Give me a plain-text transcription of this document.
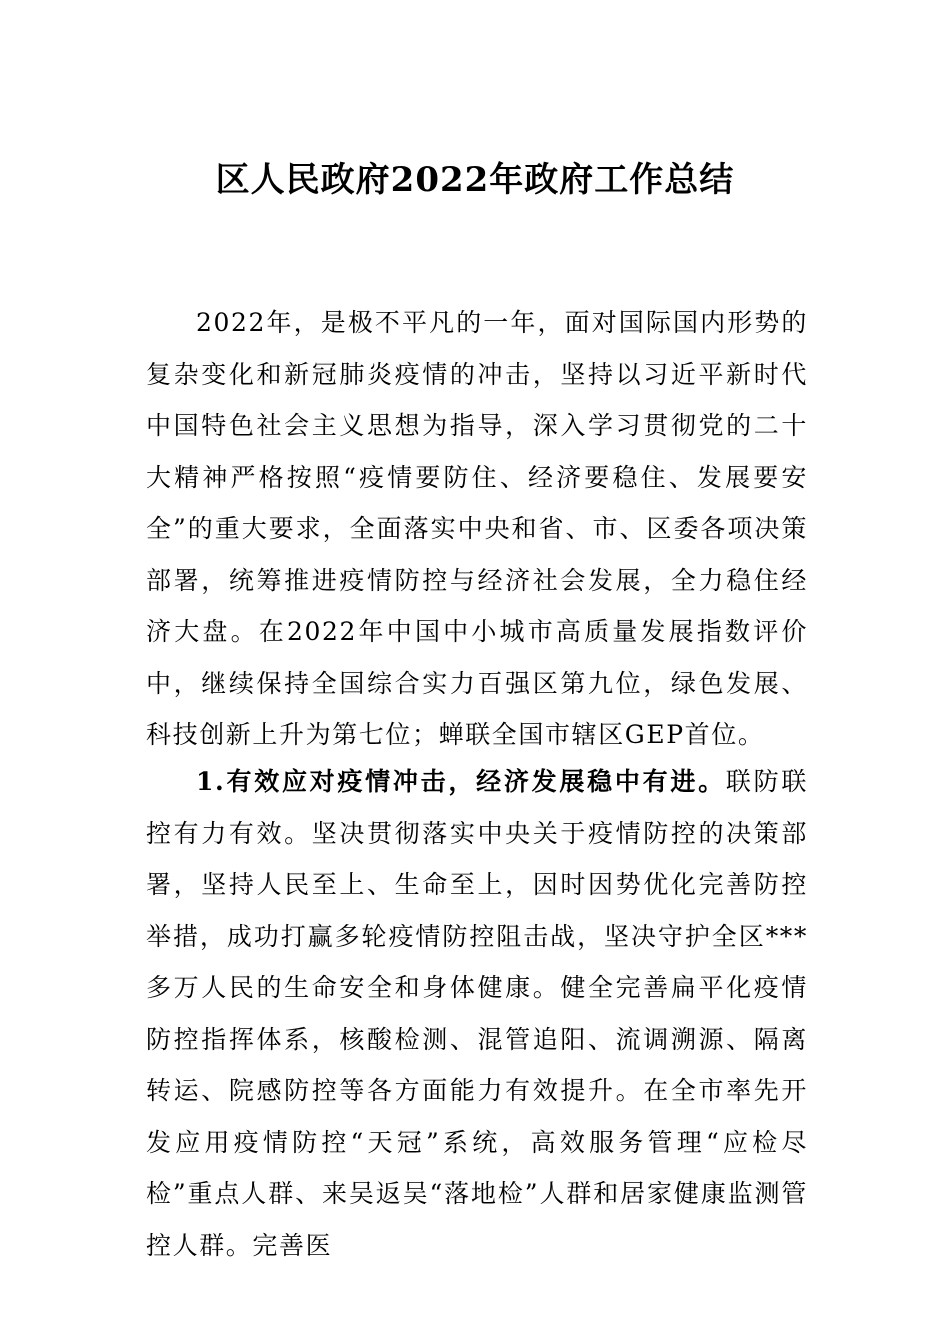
区人民政府2022年政府工作总结

2022年，是极不平凡的一年，面对国际国内形势的复杂变化和新冠肺炎疫情的冲击，坚持以习近平新时代中国特色社会主义思想为指导，深入学习贯彻党的二十大精神严格按照“疫情要防住、经济要稳住、发展要安全”的重大要求，全面落实中央和省、市、区委各项决策部署，统筹推进疫情防控与经济社会发展，全力稳住经济大盘。在2022年中国中小城市高质量发展指数评价中，继续保持全国综合实力百强区第九位，绿色发展、科技创新上升为第七位；蝉联全国市辖区GEP首位。

1.有效应对疫情冲击，经济发展稳中有进。联防联控有力有效。坚决贯彻落实中央关于疫情防控的决策部署，坚持人民至上、生命至上，因时因势优化完善防控举措，成功打赢多轮疫情防控阻击战，坚决守护全区***多万人民的生命安全和身体健康。健全完善扁平化疫情防控指挥体系，核酸检测、混管追阳、流调溯源、隔离转运、院感防控等各方面能力有效提升。在全市率先开发应用疫情防控“天冠”系统，高效服务管理“应检尽检”重点人群、来吴返吴“落地检”人群和居家健康监测管控人群。完善医
